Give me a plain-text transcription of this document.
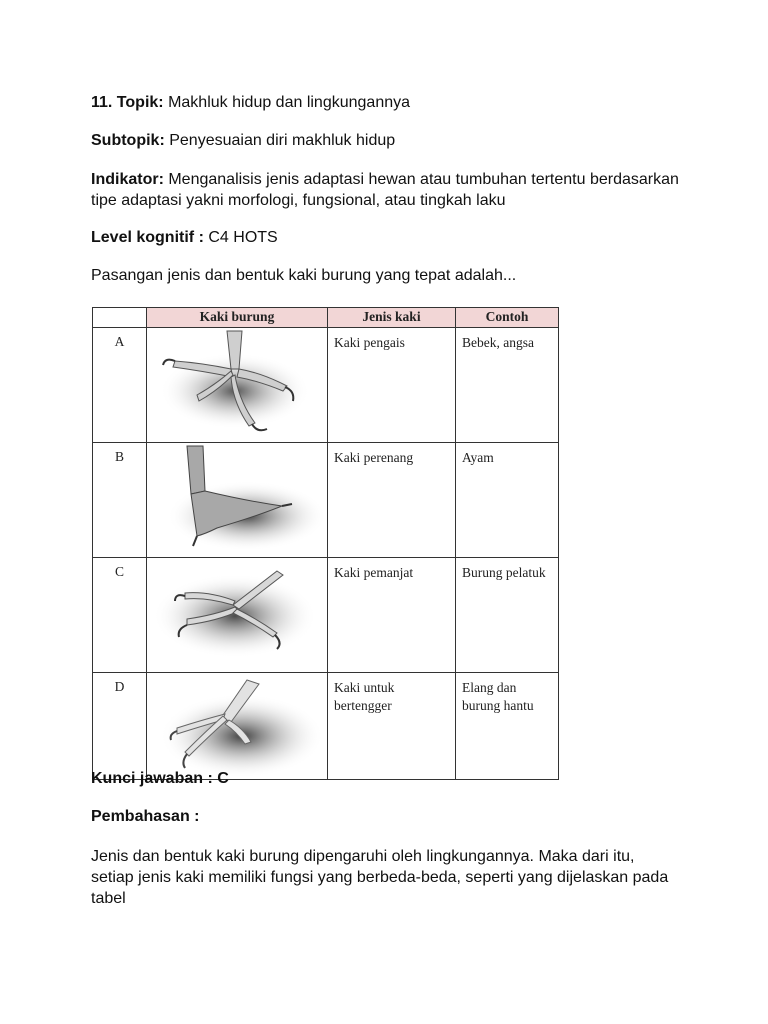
11. Topik: Makhluk hidup dan lingkungannya
Subtopik: Penyesuaian diri makhluk hidup
Indikator: Menganalisis jenis adaptasi hewan atau tumbuhan tertentu berdasarkan tipe adaptasi yakni morfologi, fungsional, atau tingkah laku
Level kognitif : C4 HOTS
Pasangan jenis dan bentuk kaki burung yang tepat adalah...
	Kaki burung	Jenis kaki	Contoh
A		Kaki pengais	Bebek, angsa
B		Kaki perenang	Ayam
C		Kaki pemanjat	Burung pelatuk
D		Kaki untuk bertengger	Elang dan burung hantu
Kunci jawaban : C
Pembahasan :
Jenis dan bentuk kaki burung dipengaruhi oleh lingkungannya. Maka dari itu, setiap jenis kaki memiliki fungsi yang berbeda-beda, seperti yang dijelaskan pada tabel
